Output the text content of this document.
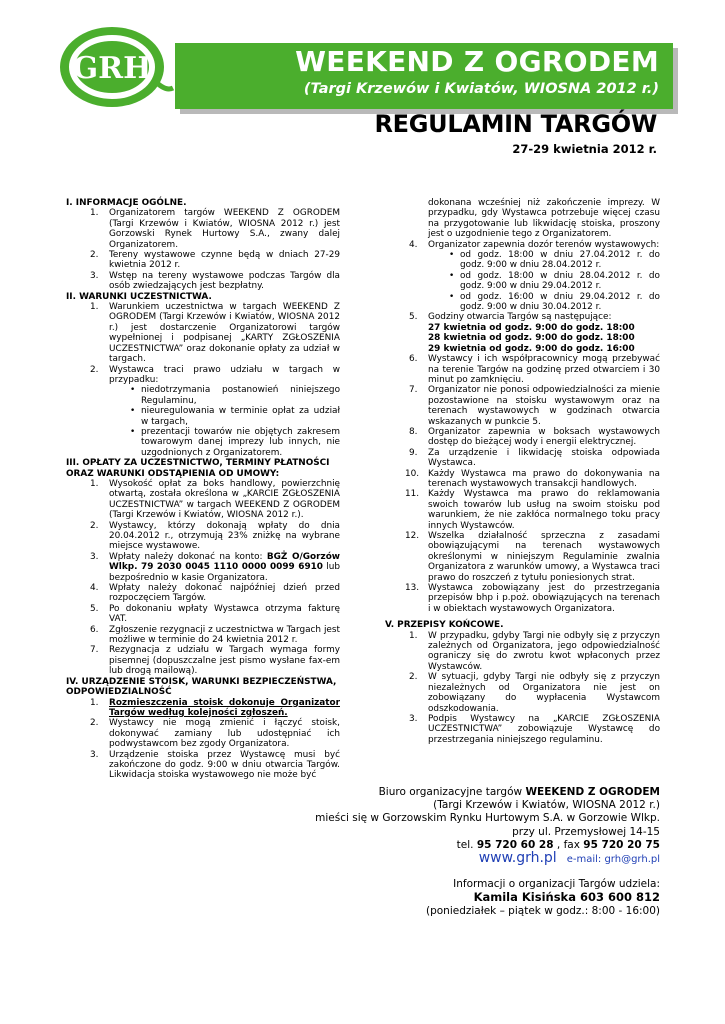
GRH	WEEKEND Z OGRODEM
(Targi Krzewów i Kwiatów, WIOSNA 2012 r.)
REGULAMIN TARGÓW
27-29 kwietnia 2012 r.
I. INFORMACJE OGÓLNE.
1. Organizatorem targów WEEKEND Z OGRODEM (Targi Krzewów i Kwiatów, WIOSNA 2012 r.) jest Gorzowski Rynek Hurtowy S.A., zwany dalej Organizatorem.
2. Tereny wystawowe czynne będą w dniach 27-29 kwietnia 2012 r.
3. Wstęp na tereny wystawowe podczas Targów dla osób zwiedzających jest bezpłatny.
II. WARUNKI UCZESTNICTWA.
1. Warunkiem uczestnictwa w targach WEEKEND Z OGRODEM (Targi Krzewów i Kwiatów, WIOSNA 2012 r.) jest dostarczenie Organizatorowi targów wypełnionej i podpisanej „KARTY ZGŁOSZENIA UCZESTNICTWA” oraz dokonanie opłaty za udział w targach.
2. Wystawca traci prawo udziału w targach w przypadku:
• niedotrzymania postanowień niniejszego Regulaminu,
• nieuregulowania w terminie opłat za udział w targach,
• prezentacji towarów nie objętych zakresem towarowym danej imprezy lub innych, nie uzgodnionych z Organizatorem.
III. OPŁATY ZA UCZESTNICTWO, TERMINY PŁATNOŚCI ORAZ WARUNKI ODSTĄPIENIA OD UMOWY:
1. Wysokość opłat za boks handlowy, powierzchnię otwartą, została określona w „KARCIE ZGŁOSZENIA UCZESTNICTWA” w targach WEEKEND Z OGRODEM (Targi Krzewów i Kwiatów, WIOSNA 2012 r.).
2. Wystawcy, którzy dokonają wpłaty do dnia 20.04.2012 r., otrzymują 23% zniżkę na wybrane miejsce wystawowe.
3. Wpłaty należy dokonać na konto: BGŻ O/Gorzów Wlkp. 79 2030 0045 1110 0000 0099 6910 lub bezpośrednio w kasie Organizatora.
4. Wpłaty należy dokonać najpóźniej dzień przed rozpoczęciem Targów.
5. Po dokonaniu wpłaty Wystawca otrzyma fakturę VAT.
6. Zgłoszenie rezygnacji z uczestnictwa w Targach jest możliwe w terminie do 24 kwietnia 2012 r.
7. Rezygnacja z udziału w Targach wymaga formy pisemnej (dopuszczalne jest pismo wysłane fax-em lub drogą mailową).
IV. URZĄDZENIE STOISK, WARUNKI BEZPIECZEŃSTWA, ODPOWIEDZIALNOŚĆ
1. Rozmieszczenia stoisk dokonuje Organizator Targów według kolejności zgłoszeń.
2. Wystawcy nie mogą zmienić i łączyć stoisk, dokonywać zamiany lub udostępniać ich podwystawcom bez zgody Organizatora.
3. Urządzenie stoiska przez Wystawcę musi być zakończone do godz. 9:00 w dniu otwarcia Targów. Likwidacja stoiska wystawowego nie może być
dokonana wcześniej niż zakończenie imprezy. W przypadku, gdy Wystawca potrzebuje więcej czasu na przygotowanie lub likwidację stoiska, proszony jest o uzgodnienie tego z Organizatorem.
4. Organizator zapewnia dozór terenów wystawowych:
• od godz. 18:00 w dniu 27.04.2012 r. do godz. 9:00 w dniu 28.04.2012 r.
• od godz. 18:00 w dniu 28.04.2012 r. do godz. 9:00 w dniu 29.04.2012 r.
• od godz. 16:00 w dniu 29.04.2012 r. do godz. 9:00 w dniu 30.04.2012 r.
5. Godziny otwarcia Targów są następujące:
27 kwietnia od godz. 9:00 do godz. 18:00
28 kwietnia od godz. 9:00 do godz. 18:00
29 kwietnia od godz. 9:00 do godz. 16:00
6. Wystawcy i ich współpracownicy mogą przebywać na terenie Targów na godzinę przed otwarciem i 30 minut po zamknięciu.
7. Organizator nie ponosi odpowiedzialności za mienie pozostawione na stoisku wystawowym oraz na terenach wystawowych w godzinach otwarcia wskazanych w punkcie 5.
8. Organizator zapewnia w boksach wystawowych dostęp do bieżącej wody i energii elektrycznej.
9. Za urządzenie i likwidację stoiska odpowiada Wystawca.
10. Każdy Wystawca ma prawo do dokonywania na terenach wystawowych transakcji handlowych.
11. Każdy Wystawca ma prawo do reklamowania swoich towarów lub usług na swoim stoisku pod warunkiem, że nie zakłóca normalnego toku pracy innych Wystawców.
12. Wszelka działalność sprzeczna z zasadami obowiązującymi na terenach wystawowych określonymi w niniejszym Regulaminie zwalnia Organizatora z warunków umowy, a Wystawca traci prawo do roszczeń z tytułu poniesionych strat.
13. Wystawca zobowiązany jest do przestrzegania przepisów bhp i p.poż. obowiązujących na terenach i w obiektach wystawowych Organizatora.
V. PRZEPISY KOŃCOWE.
1. W przypadku, gdyby Targi nie odbyły się z przyczyn zależnych od Organizatora, jego odpowiedzialność ograniczy się do zwrotu kwot wpłaconych przez Wystawców.
2. W sytuacji, gdyby Targi nie odbyły się z przyczyn niezależnych od Organizatora nie jest on zobowiązany do wypłacenia Wystawcom odszkodowania.
3. Podpis Wystawcy na „KARCIE ZGŁOSZENIA UCZESTNICTWA” zobowiązuje Wystawcę do przestrzegania niniejszego regulaminu.
Biuro organizacyjne targów WEEKEND Z OGRODEM
(Targi Krzewów i Kwiatów, WIOSNA 2012 r.)
mieści się w Gorzowskim Rynku Hurtowym S.A. w Gorzowie Wlkp.
przy ul. Przemysłowej 14-15
tel. 95 720 60 28 , fax 95 720 20 75
www.grh.pl e-mail: grh@grh.pl
Informacji o organizacji Targów udziela:
Kamila Kisińska 603 600 812
(poniedziałek – piątek w godz.: 8:00 - 16:00)
